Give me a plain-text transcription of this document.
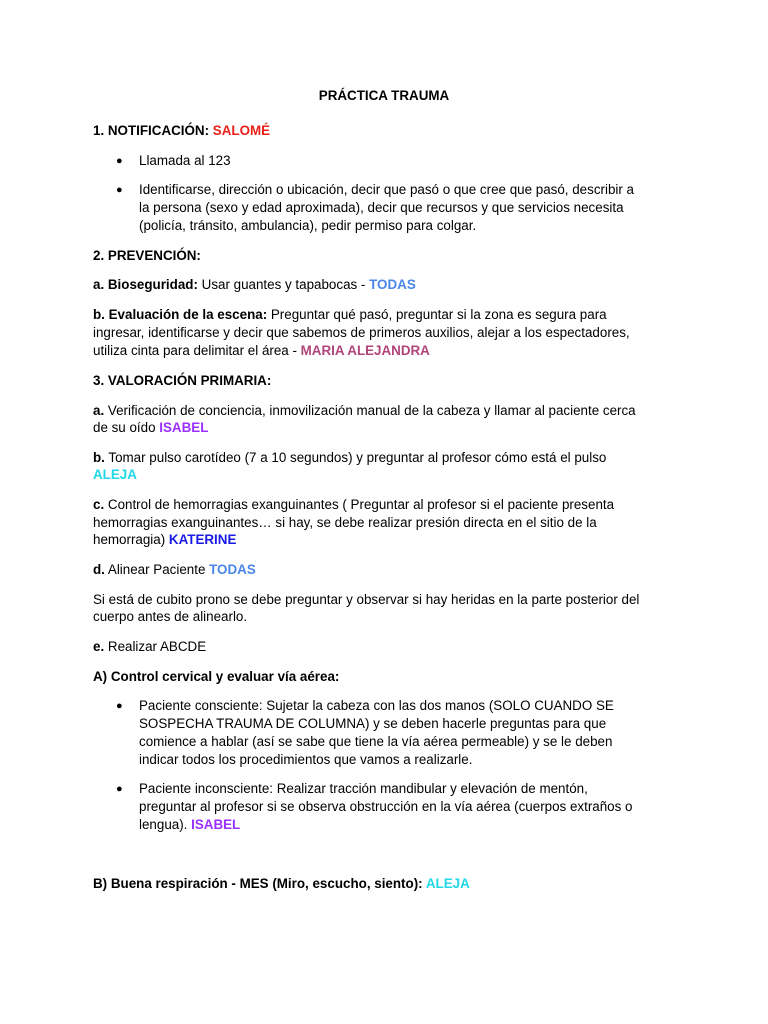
PRÁCTICA TRAUMA

1. NOTIFICACIÓN: SALOMÉ

● Llamada al 123

● Identificarse, dirección o ubicación, decir que pasó o que cree que pasó, describir a

la persona (sexo y edad aproximada), decir que recursos y que servicios necesita

(policía, tránsito, ambulancia), pedir permiso para colgar.

2. PREVENCIÓN:

a. Bioseguridad: Usar guantes y tapabocas - TODAS

b. Evaluación de la escena: Preguntar qué pasó, preguntar si la zona es segura para

ingresar, identificarse y decir que sabemos de primeros auxilios, alejar a los espectadores,

utiliza cinta para delimitar el área - MARIA ALEJANDRA

3. VALORACIÓN PRIMARIA:

a. Verificación de conciencia, inmovilización manual de la cabeza y llamar al paciente cerca

de su oído ISABEL

b. Tomar pulso carotídeo (7 a 10 segundos) y preguntar al profesor cómo está el pulso

ALEJA

c. Control de hemorragias exanguinantes ( Preguntar al profesor si el paciente presenta

hemorragias exanguinantes… si hay, se debe realizar presión directa en el sitio de la

hemorragia) KATERINE

d. Alinear Paciente TODAS

Si está de cubito prono se debe preguntar y observar si hay heridas en la parte posterior del

cuerpo antes de alinearlo.

e. Realizar ABCDE

A) Control cervical y evaluar vía aérea:

● Paciente consciente: Sujetar la cabeza con las dos manos (SOLO CUANDO SE

SOSPECHA TRAUMA DE COLUMNA) y se deben hacerle preguntas para que

comience a hablar (así se sabe que tiene la vía aérea permeable) y se le deben

indicar todos los procedimientos que vamos a realizarle.

● Paciente inconsciente: Realizar tracción mandibular y elevación de mentón,

preguntar al profesor si se observa obstrucción en la vía aérea (cuerpos extraños o

lengua). ISABEL

B) Buena respiración - MES (Miro, escucho, siento): ALEJA
